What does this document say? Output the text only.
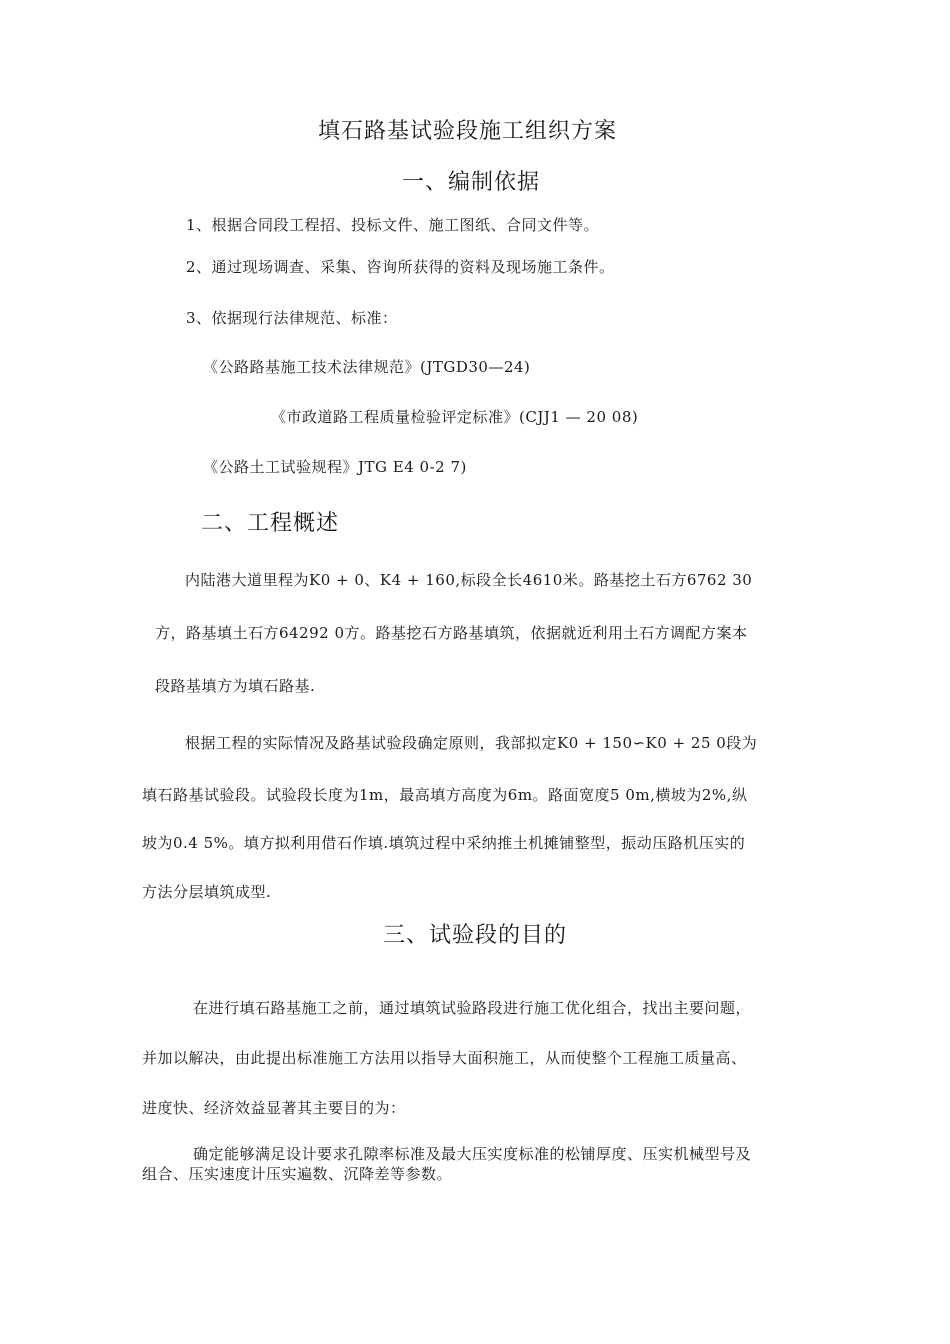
填石路基试验段施工组织方案
一、编制依据
1、根据合同段工程招、投标文件、施工图纸、合同文件等。
2、通过现场调查、采集、咨询所获得的资料及现场施工条件。
3、依据现行法律规范、标准：
《公路路基施工技术法律规范》(JTGD30—24)
《市政道路工程质量检验评定标准》(CJJ1 — 20 08)
《公路土工试验规程》JTG E4 0-2 7)
二、工程概述
内陆港大道里程为K0 + 0、K4 + 160,标段全长4610米。路基挖土石方6762 30
方，路基填土石方64292 0方。路基挖石方路基填筑，依据就近利用土石方调配方案本
段路基填方为填石路基.
根据工程的实际情况及路基试验段确定原则，我部拟定K0 + 150∽K0 + 25 0段为
填石路基试验段。试验段长度为1m，最高填方高度为6m。路面宽度5 0m,横坡为2%,纵
坡为0.4 5%。填方拟利用借石作填.填筑过程中采纳推土机摊铺整型，振动压路机压实的
方法分层填筑成型.
三、试验段的目的
在进行填石路基施工之前，通过填筑试验路段进行施工优化组合，找出主要问题，
并加以解决，由此提出标准施工方法用以指导大面积施工，从而使整个工程施工质量高、
进度快、经济效益显著其主要目的为：
确定能够满足设计要求孔隙率标准及最大压实度标准的松铺厚度、压实机械型号及
组合、压实速度计压实遍数、沉降差等参数。
